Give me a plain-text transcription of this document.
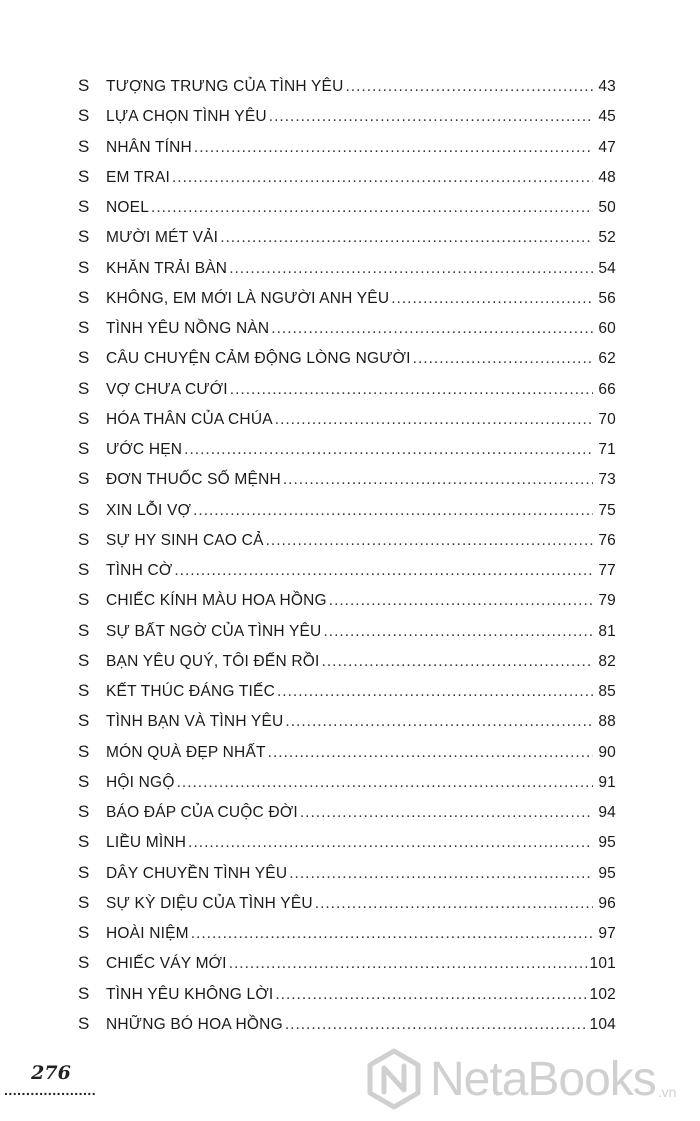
S	TƯỢNG TRƯNG CỦA TÌNH YÊU .....	43
S	LỰA CHỌN TÌNH YÊU .....	45
S	NHÂN TÍNH .....	47
S	EM TRAI .....	48
S	NOEL .....	50
S	MƯỜI MÉT VẢI .....	52
S	KHĂN TRẢI BÀN .....	54
S	KHÔNG, EM MỚI LÀ NGƯỜI ANH YÊU .....	56
S	TÌNH YÊU NỒNG NÀN .....	60
S	CÂU CHUYỆN CẢM ĐỘNG LÒNG NGƯỜI .....	62
S	VỢ CHƯA CƯỚI .....	66
S	HÓA THÂN CỦA CHÚA .....	70
S	ƯỚC HẸN .....	71
S	ĐƠN THUỐC SỐ MỆNH .....	73
S	XIN LỖI VỢ .....	75
S	SỰ HY SINH CAO CẢ .....	76
S	TÌNH CỜ .....	77
S	CHIẾC KÍNH MÀU HOA HỒNG .....	79
S	SỰ BẤT NGỜ CỦA TÌNH YÊU .....	81
S	BẠN YÊU QUÝ, TÔI ĐẾN RỒI .....	82
S	KẾT THÚC ĐÁNG TIẾC .....	85
S	TÌNH BẠN VÀ TÌNH YÊU .....	88
S	MÓN QUÀ ĐẸP NHẤT .....	90
S	HỘI NGỘ .....	91
S	BÁO ĐÁP CỦA CUỘC ĐỜI .....	94
S	LIỀU MÌNH .....	95
S	DÂY CHUYỀN TÌNH YÊU .....	95
S	SỰ KỲ DIỆU CỦA TÌNH YÊU .....	96
S	HOÀI NIỆM .....	97
S	CHIẾC VÁY MỚI .....	101
S	TÌNH YÊU KHÔNG LỜI .....	102
S	NHỮNG BÓ HOA HỒNG .....	104
276 .....	NetaBooks .vn
